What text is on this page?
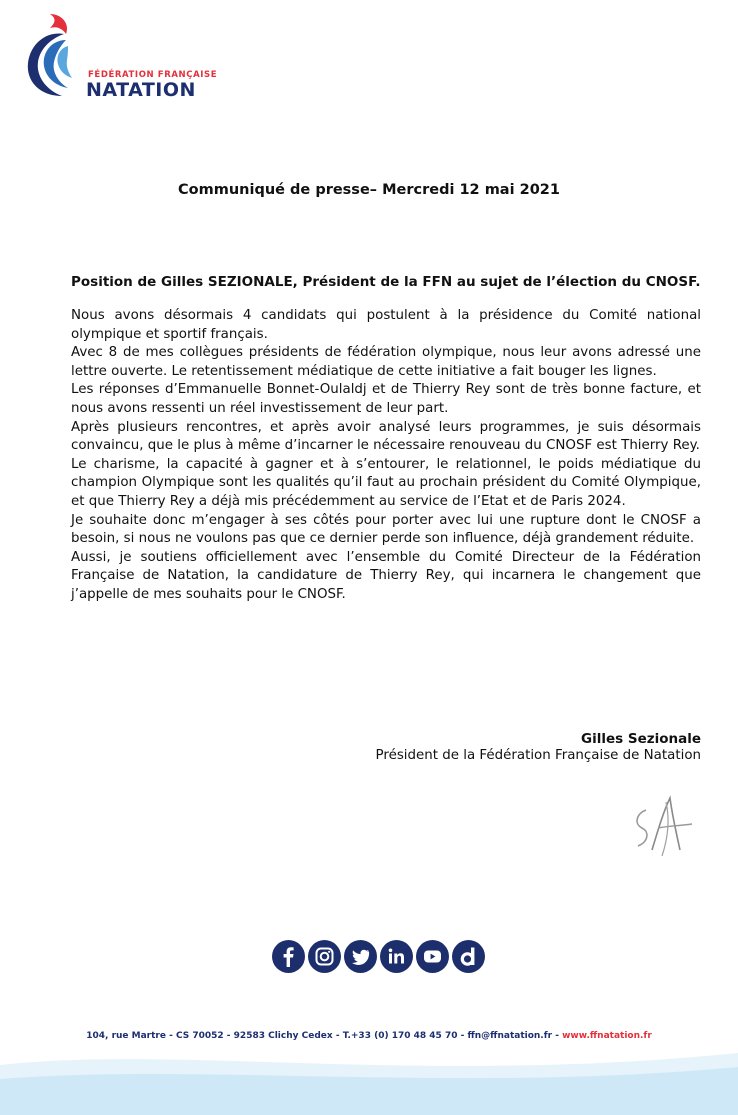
FÉDÉRATION FRANÇAISE
NATATION
Communiqué de presse– Mercredi 12 mai 2021
Position de Gilles SEZIONALE, Président de la FFN au sujet de l’élection du CNOSF.

Nous avons désormais 4 candidats qui postulent à la présidence du Comité national olympique et sportif français.

Avec 8 de mes collègues présidents de fédération olympique, nous leur avons adressé une lettre ouverte. Le retentissement médiatique de cette initiative a fait bouger les lignes.

Les réponses d’Emmanuelle Bonnet-Oulaldj et de Thierry Rey sont de très bonne facture, et nous avons ressenti un réel investissement de leur part.

Après plusieurs rencontres, et après avoir analysé leurs programmes, je suis désormais convaincu, que le plus à même d’incarner le nécessaire renouveau du CNOSF est Thierry Rey.

Le charisme, la capacité à gagner et à s’entourer, le relationnel, le poids médiatique du champion Olympique sont les qualités qu’il faut au prochain président du Comité Olympique, et que Thierry Rey a déjà mis précédemment au service de l’Etat et de Paris 2024.

Je souhaite donc m’engager à ses côtés pour porter avec lui une rupture dont le CNOSF a besoin, si nous ne voulons pas que ce dernier perde son influence, déjà grandement réduite.

Aussi, je soutiens officiellement avec l’ensemble du Comité Directeur de la Fédération Française de Natation, la candidature de Thierry Rey, qui incarnera le changement que j’appelle de mes souhaits pour le CNOSF.

Gilles Sezionale
Président de la Fédération Française de Natation
104, rue Martre - CS 70052 - 92583 Clichy Cedex - T.+33 (0) 170 48 45 70 - ffn@ffnatation.fr - www.ffnatation.fr
